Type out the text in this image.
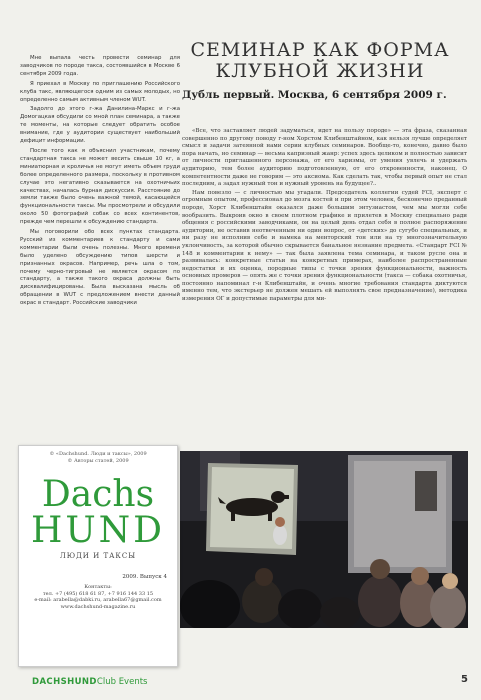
Мне выпала честь провести семинар для заводчиков по породе такса, состоявшийся в Москве 6 сентября 2009 года.

Я приехал в Москву по приглашению Российского клуба такс, являющегося одним из самых молодых, но определенно самым активным членом WUT.

Задолго до этого г-жа Данилина-Маркс и г-жа Домогацкая обсудили со мной план семинара, а также те моменты, на которые следует обратить особое внимание, где у аудитории существует наибольший дефицит информации.

После того как я объяснил участникам, почему стандартная такса не может весить свыше 10 кг, а миниатюрная и кроличья не могут иметь объем груди более определенного размера, поскольку в противном случае это негативно сказывается на охотничьих качествах, началась бурная дискуссия. Расстояние до земли также было очень важной темой, касающейся функциональности таксы. Мы просмотрели и обсудили около 50 фотографий собак со всех континентов, прежде чем перешли к обсуждению стандарта.

Мы поговорили обо всех пунктах стандарта. Русский из комментариев к стандарту и сами комментарии были очень полезны. Много времени было уделено обсуждению типов шерсти и признанных окрасов. Например, речь шла о том, почему черно-тигровый не является окрасом по стандарту, а также такого окраса должны быть дисквалифицированы. Была высказана мысль об обращении в WUT с предложением внести данный окрас в стандарт. Российские заводчики

СЕМИНАР КАК ФОРМА КЛУБНОЙ ЖИЗНИ
Дубль первый. Москва, 6 сентября 2009 г.

«Все, что заставляет людей задуматься, идет на пользу породе» — эта фраза, сказанная совершенно по другому поводу г-ном Хорстом Клибенштайном, как нельзя лучше определяет смысл и задачи затеянной нами серии клубных семинаров. Вообще-то, конечно, давно было пора начать, но семинар — весьма капризный жанр: успех здесь целиком и полностью зависит от личности приглашенного персонажа, от его харизмы, от умения увлечь и удержать аудиторию, тем более аудиторию подготовленную, от его откровенности, наконец. О компетентности даже не говорим — это аксиома. Как сделать так, чтобы первый опыт не стал последним, а задал нужный тон и нужный уровень на будущее?..

Нам повезло — с личностью мы угадали. Председатель коллегии судей FCI, эксперт с огромным опытом, профессионал до мозга костей и при этом человек, бесконечно преданный породе, Хорст Клибенштайн оказался даже большим энтузиастом, чем мы могли себе вообразить. Выкроив окно в своем плотном графике и прилетев в Москву специально ради общения с российскими заводчиками, он на целый день отдал себя в полное распоряжение аудитории, не оставив неотвеченным ни один вопрос, от «детских» до сугубо специальных, и ни разу не исполнив себе и намека на менторский тон или на ту многозначительную уклончивость, за которой обычно скрывается банальное незнание предмета. «Стандарт FCI № 148 и комментарии к нему» — так была заявлена тема семинара, и таком русле она и развивалась: конкретные статьи на конкретных примерах, наиболее распространенные недостатки и их оценка, породные типы с точки зрения функциональности, важность основных промеров — опять же с точки зрения функциональности (такса — собака охотничья, постоянно напоминал г-н Клибенштайн, и очень многие требования стандарта диктуются именно тем, что экстерьер не должен мешать ей выполнять свое предназначение), методика измерения ОГ и допустимые параметры для ми-

© «Dachshund. Люди и таксы», 2009
© Авторы статей, 2009
Dachs
HUND
ЛЮДИ И ТАКСЫ
2009. Выпуск 4
Контакты:
тел. +7 (495) 618 61 87, +7 916 144 33 15
e-mail: arabella@dabki.ru, arabella67@gmail.com
www.dachshund-magazine.ru
DACHSHUNDClub Events	5
